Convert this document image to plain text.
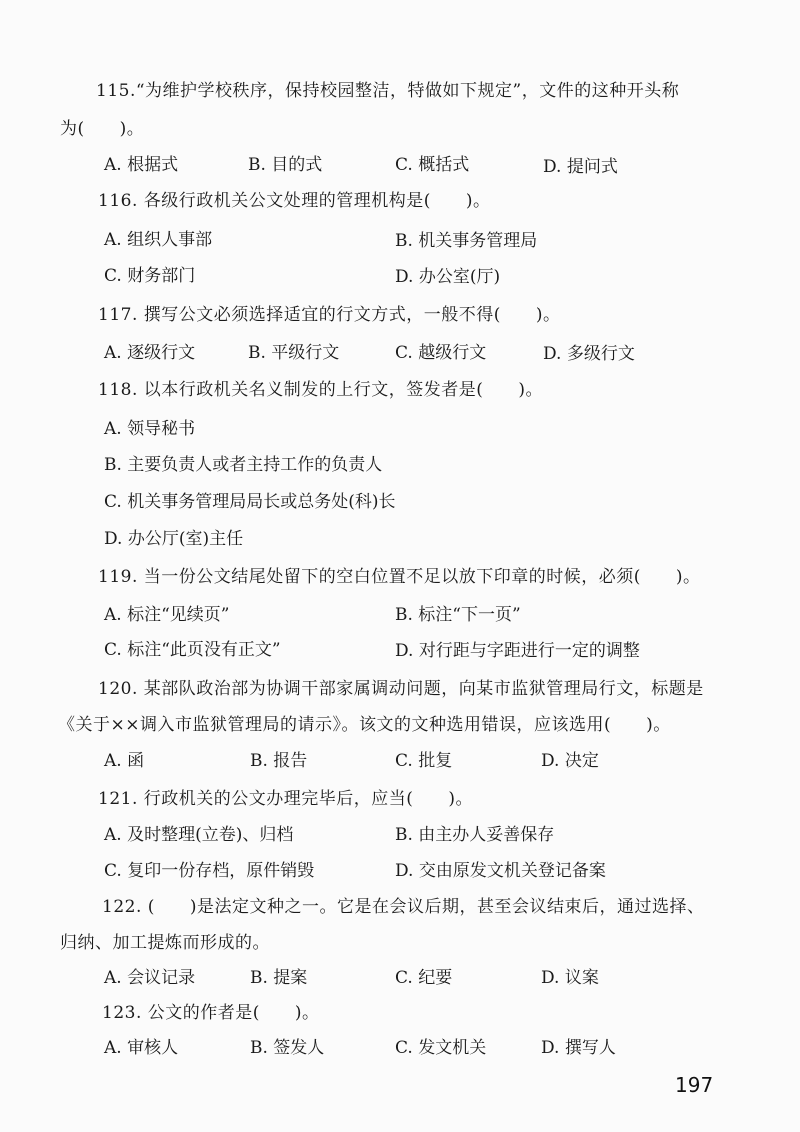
115.“为维护学校秩序，保持校园整洁，特做如下规定”，文件的这种开头称
为(　　)。
A. 根据式	B. 目的式	C. 概括式	D. 提问式
116. 各级行政机关公文处理的管理机构是(　　)。
A. 组织人事部	B. 机关事务管理局
C. 财务部门	D. 办公室(厅)
117. 撰写公文必须选择适宜的行文方式，一般不得(　　)。
A. 逐级行文	B. 平级行文	C. 越级行文	D. 多级行文
118. 以本行政机关名义制发的上行文，签发者是(　　)。
A. 领导秘书
B. 主要负责人或者主持工作的负责人
C. 机关事务管理局局长或总务处(科)长
D. 办公厅(室)主任
119. 当一份公文结尾处留下的空白位置不足以放下印章的时候，必须(　　)。
A. 标注“见续页”	B. 标注“下一页”
C. 标注“此页没有正文”	D. 对行距与字距进行一定的调整
120. 某部队政治部为协调干部家属调动问题，向某市监狱管理局行文，标题是
《关于××调入市监狱管理局的请示》。该文的文种选用错误，应该选用(　　)。
A. 函	B. 报告	C. 批复	D. 决定
121. 行政机关的公文办理完毕后，应当(　　)。
A. 及时整理(立卷)、归档	B. 由主办人妥善保存
C. 复印一份存档，原件销毁	D. 交由原发文机关登记备案
122. (　　)是法定文种之一。它是在会议后期，甚至会议结束后，通过选择、
归纳、加工提炼而形成的。
A. 会议记录	B. 提案	C. 纪要	D. 议案
123. 公文的作者是(　　)。
A. 审核人	B. 签发人	C. 发文机关	D. 撰写人
197
